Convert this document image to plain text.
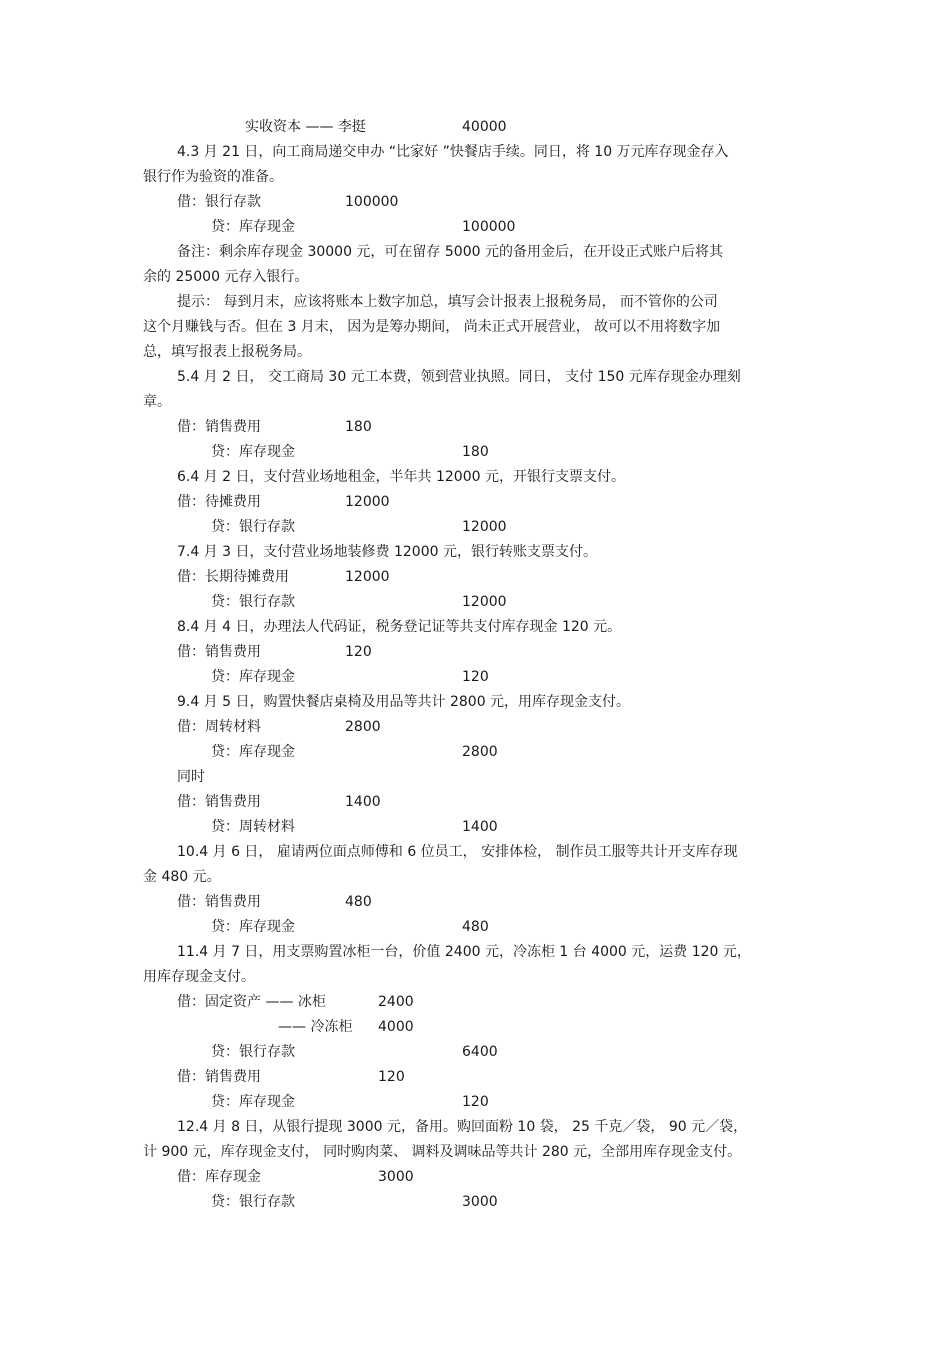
实收资本 —— 李挺	40000
4.3 月 21 日，向工商局递交申办 “比家好 ”快餐店手续。同日，将 10 万元库存现金存入
银行作为验资的准备。
借：银行存款	100000
贷：库存现金	100000
备注：剩余库存现金 30000 元，可在留存 5000 元的备用金后，在开设正式账户后将其
余的 25000 元存入银行。
提示： 每到月末，应该将账本上数字加总，填写会计报表上报税务局， 而不管你的公司
这个月赚钱与否。但在 3 月末， 因为是筹办期间， 尚未正式开展营业， 故可以不用将数字加
总，填写报表上报税务局。
5.4 月 2 日， 交工商局 30 元工本费，领到营业执照。同日， 支付 150 元库存现金办理刻
章。
借：销售费用	180
贷：库存现金	180
6.4 月 2 日，支付营业场地租金，半年共 12000 元，开银行支票支付。
借：待摊费用	12000
贷：银行存款	12000
7.4 月 3 日，支付营业场地装修费 12000 元，银行转账支票支付。
借：长期待摊费用	12000
贷：银行存款	12000
8.4 月 4 日，办理法人代码证，税务登记证等共支付库存现金 120 元。
借：销售费用	120
贷：库存现金	120
9.4 月 5 日，购置快餐店桌椅及用品等共计 2800 元，用库存现金支付。
借：周转材料	2800
贷：库存现金	2800
同时
借：销售费用	1400
贷：周转材料	1400
10.4 月 6 日， 雇请两位面点师傅和 6 位员工， 安排体检， 制作员工服等共计开支库存现
金 480 元。
借：销售费用	480
贷：库存现金	480
11.4 月 7 日，用支票购置冰柜一台，价值 2400 元，冷冻柜 1 台 4000 元，运费 120 元，
用库存现金支付。
借：固定资产 —— 冰柜	2400
—— 冷冻柜 4000
贷：银行存款	6400
借：销售费用	120
贷：库存现金	120
12.4 月 8 日，从银行提现 3000 元，备用。购回面粉 10 袋， 25 千克／袋， 90 元／袋，
计 900 元，库存现金支付， 同时购肉菜、 调料及调味品等共计 280 元，全部用库存现金支付。
借：库存现金	3000
贷：银行存款	3000
